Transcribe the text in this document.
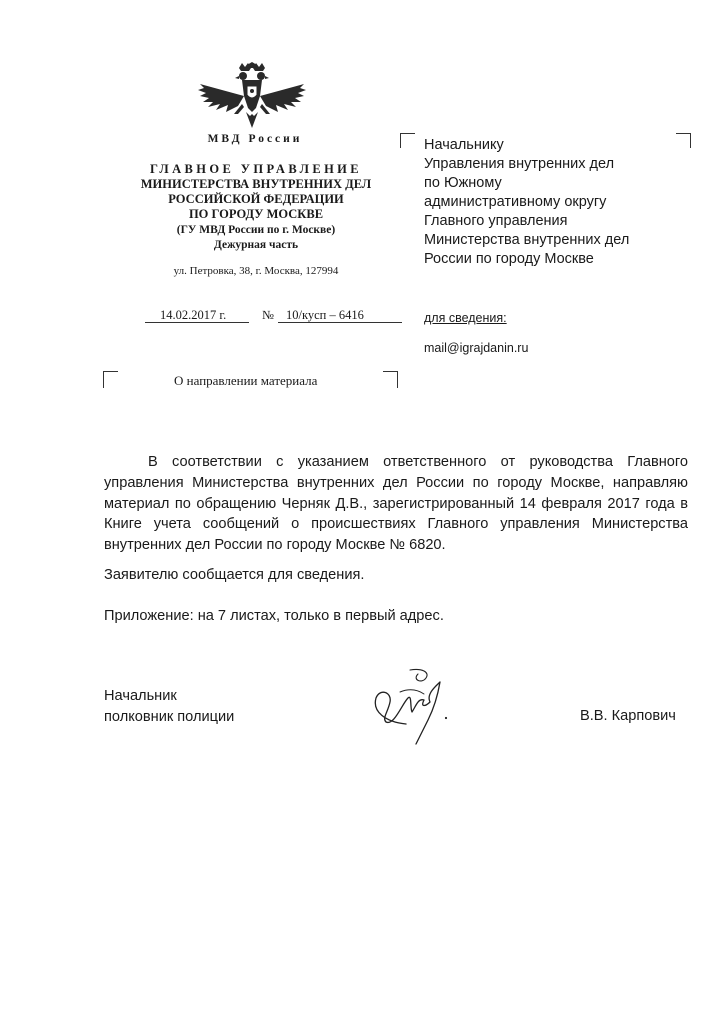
МВД России
ГЛАВНОЕ УПРАВЛЕНИЕ
МИНИСТЕРСТВА ВНУТРЕННИХ ДЕЛ
РОССИЙСКОЙ ФЕДЕРАЦИИ
ПО ГОРОДУ МОСКВЕ
(ГУ МВД России по г. Москве)
Дежурная часть
ул. Петровка, 38, г. Москва, 127994
14.02.2017 г.	№ 10/кусп – 6416
О направлении материала
Начальнику
Управления внутренних дел
по Южному
административному округу
Главного управления
Министерства внутренних дел
России по городу Москве
для сведения:
mail@igrajdanin.ru
В соответствии с указанием ответственного от руководства Главного управления Министерства внутренних дел России по городу Москве, направляю материал по обращению Черняк Д.В., зарегистрированный 14 февраля 2017 года в Книге учета сообщений о происшествиях Главного управления Министерства внутренних дел России по городу Москве № 6820.
Заявителю сообщается для сведения.
Приложение: на 7 листах, только в первый адрес.
Начальник
полковник полиции	В.В. Карпович
